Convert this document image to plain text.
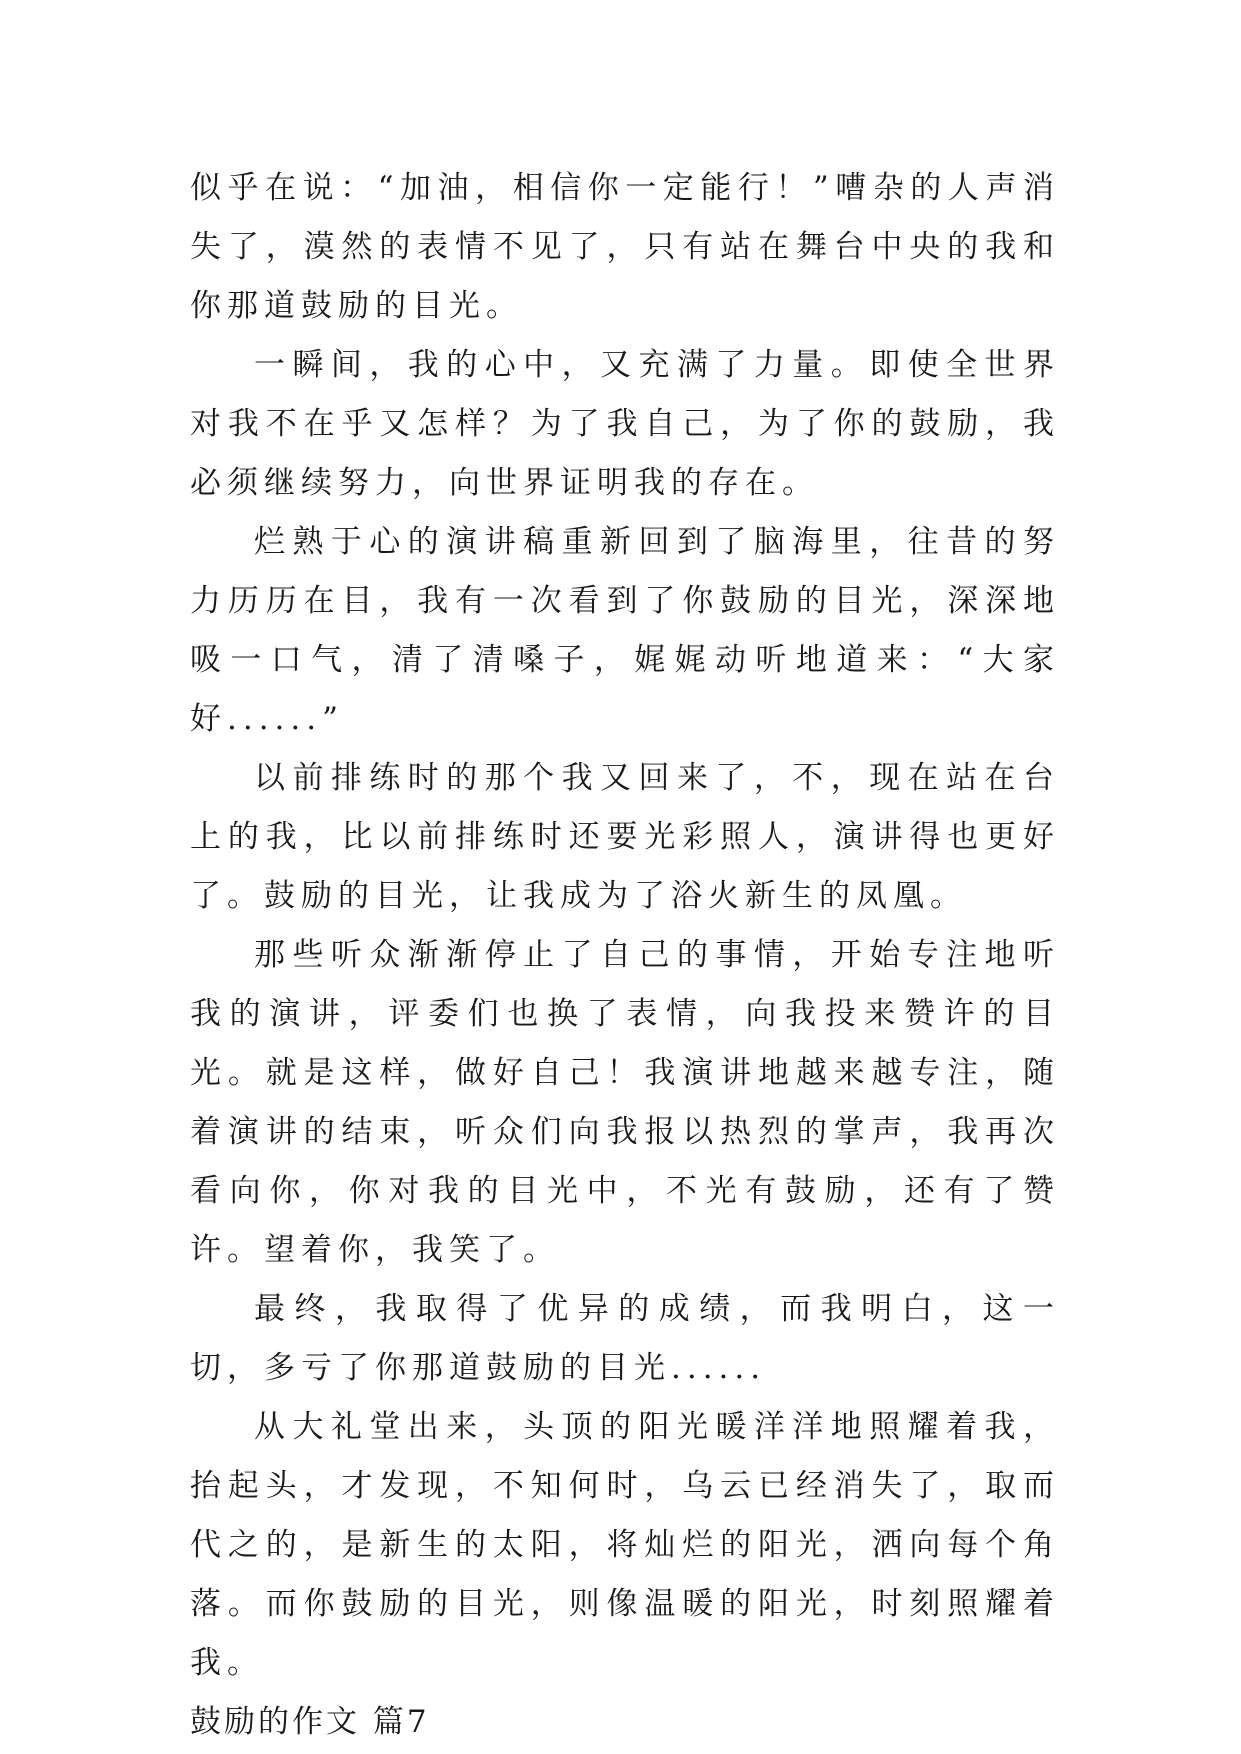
似乎在说：“加油，相信你一定能行！”嘈杂的人声消失了，漠然的表情不见了，只有站在舞台中央的我和你那道鼓励的目光。

一瞬间，我的心中，又充满了力量。即使全世界对我不在乎又怎样？为了我自己，为了你的鼓励，我必须继续努力，向世界证明我的存在。

烂熟于心的演讲稿重新回到了脑海里，往昔的努力历历在目，我有一次看到了你鼓励的目光，深深地吸一口气，清了清嗓子，娓娓动听地道来：“大家好......”

以前排练时的那个我又回来了，不，现在站在台上的我，比以前排练时还要光彩照人，演讲得也更好了。鼓励的目光，让我成为了浴火新生的凤凰。

那些听众渐渐停止了自己的事情，开始专注地听我的演讲，评委们也换了表情，向我投来赞许的目光。就是这样，做好自己！我演讲地越来越专注，随着演讲的结束，听众们向我报以热烈的掌声，我再次看向你，你对我的目光中，不光有鼓励，还有了赞许。望着你，我笑了。

最终，我取得了优异的成绩，而我明白，这一切，多亏了你那道鼓励的目光......

从大礼堂出来，头顶的阳光暖洋洋地照耀着我，抬起头，才发现，不知何时，乌云已经消失了，取而代之的，是新生的太阳，将灿烂的阳光，洒向每个角落。而你鼓励的目光，则像温暖的阳光，时刻照耀着我。

鼓励的作文 篇7
